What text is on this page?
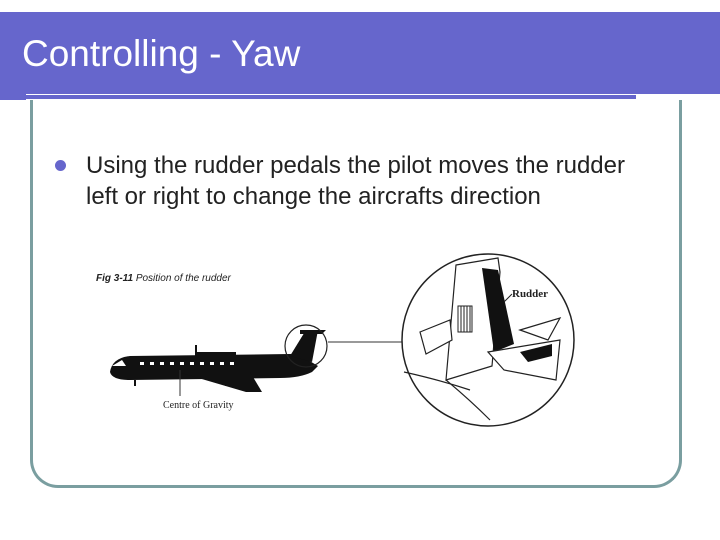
Controlling - Yaw
Using the rudder pedals the pilot moves the rudder left or right to change the aircrafts direction
Fig 3-11 Position of the rudder
Centre of Gravity
Rudder
